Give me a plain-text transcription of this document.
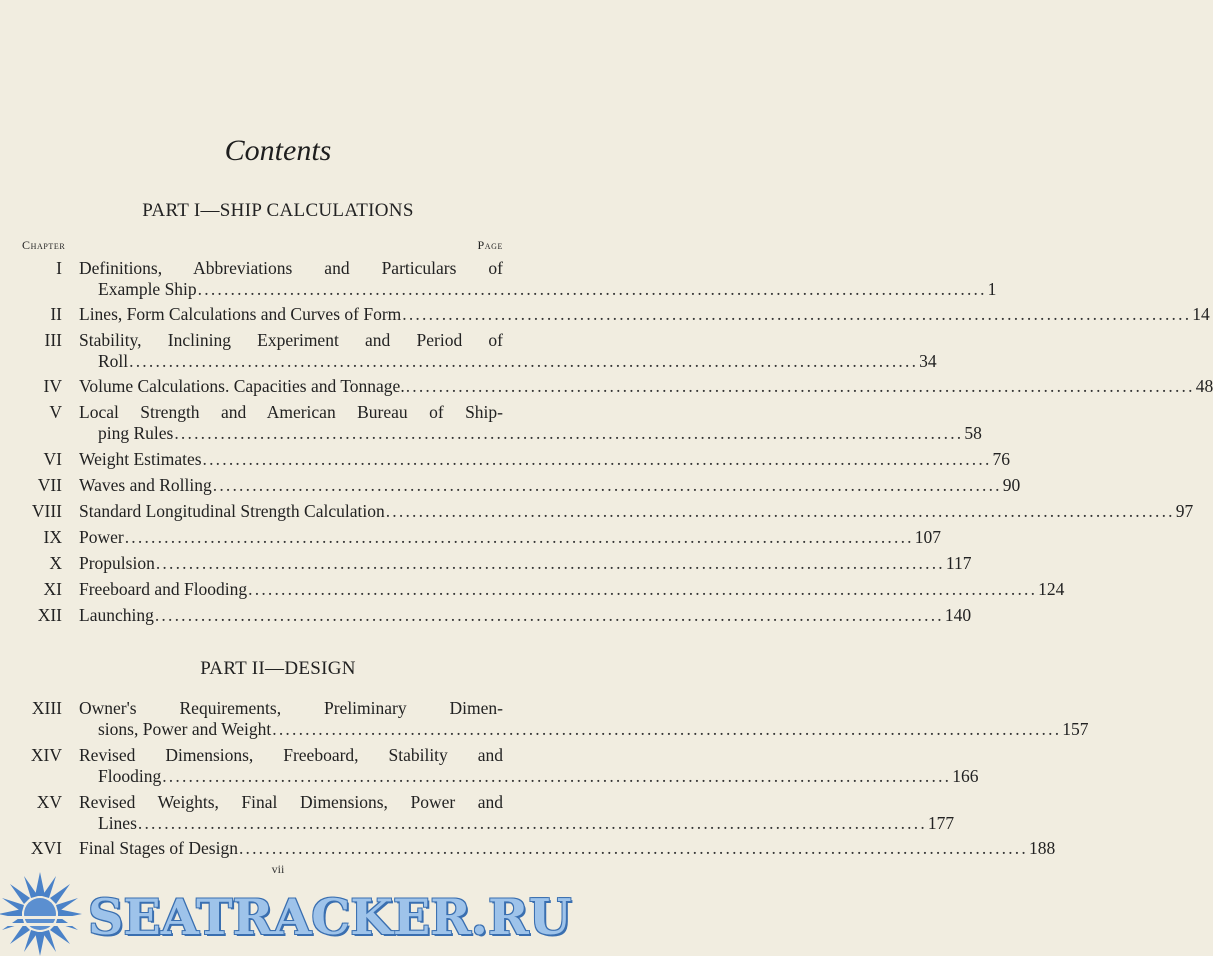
Contents
PART I—SHIP CALCULATIONS
Chapter	Page
I Definitions, Abbreviations and Particulars of
Example Ship ........................................................................................................................ 1
II Lines, Form Calculations and Curves of Form ........................................................................................................................ 14
III Stability, Inclining Experiment and Period of
Roll ........................................................................................................................ 34
IV Volume Calculations. Capacities and Tonnage. ........................................................................................................................ 48
V Local Strength and American Bureau of Ship-
ping Rules ........................................................................................................................ 58
VI Weight Estimates ........................................................................................................................ 76
VII Waves and Rolling ........................................................................................................................ 90
VIII Standard Longitudinal Strength Calculation ........................................................................................................................ 97
IX Power ........................................................................................................................ 107
X Propulsion ........................................................................................................................ 117
XI Freeboard and Flooding ........................................................................................................................ 124
XII Launching ........................................................................................................................ 140
PART II—DESIGN
XIII Owner's Requirements, Preliminary Dimen-
sions, Power and Weight ........................................................................................................................ 157
XIV Revised Dimensions, Freeboard, Stability and
Flooding ........................................................................................................................ 166
XV Revised Weights, Final Dimensions, Power and
Lines ........................................................................................................................ 177
XVI Final Stages of Design ........................................................................................................................ 188
vii
SEATRACKER.RU
